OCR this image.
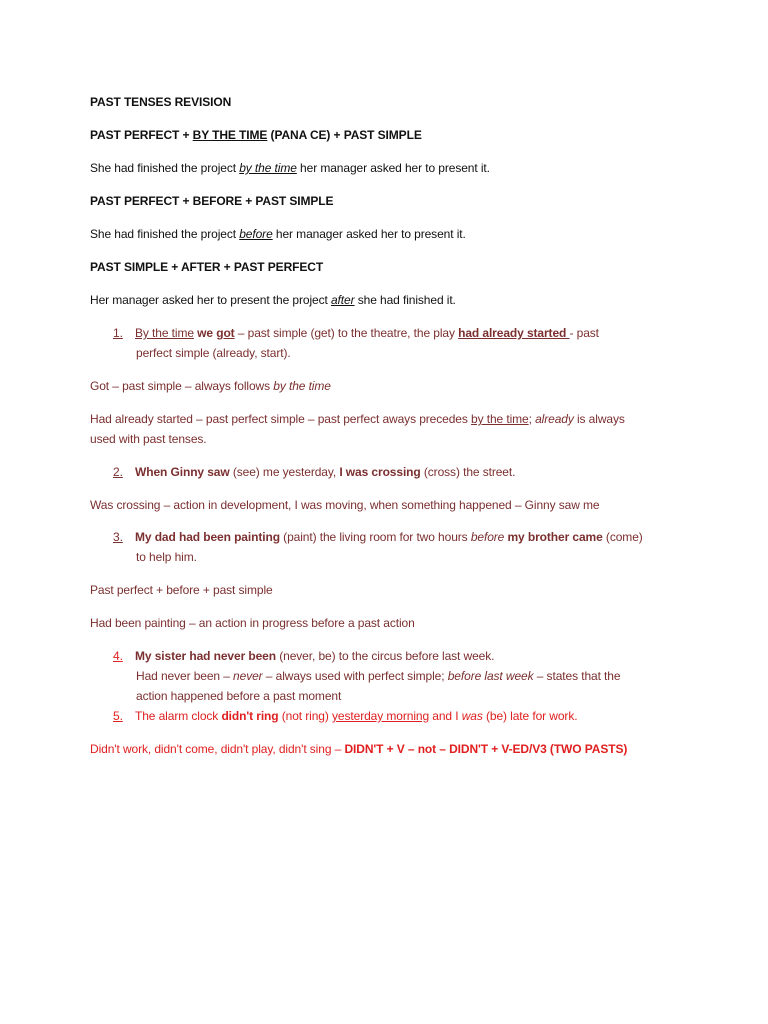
PAST TENSES REVISION
PAST PERFECT + BY THE TIME (PANA CE) + PAST SIMPLE
She had finished the project by the time her manager asked her to present it.
PAST PERFECT + BEFORE + PAST SIMPLE
She had finished the project before her manager asked her to present it.
PAST SIMPLE + AFTER + PAST PERFECT
Her manager asked her to present the project after she had finished it.
1. By the time we got – past simple (get) to the theatre, the play had already started - past
perfect simple (already, start).
Got – past simple – always follows by the time
Had already started – past perfect simple – past perfect aways precedes by the time; already is always
used with past tenses.
2. When Ginny saw (see) me yesterday, I was crossing (cross) the street.
Was crossing – action in development, I was moving, when something happened – Ginny saw me
3. My dad had been painting (paint) the living room for two hours before my brother came (come)
to help him.
Past perfect + before + past simple
Had been painting – an action in progress before a past action
4. My sister had never been (never, be) to the circus before last week.
Had never been – never – always used with perfect simple; before last week – states that the
action happened before a past moment
5. The alarm clock didn't ring (not ring) yesterday morning and I was (be) late for work.
Didn't work, didn't come, didn't play, didn't sing – DIDN'T + V – not – DIDN'T + V-ED/V3 (TWO PASTS)
